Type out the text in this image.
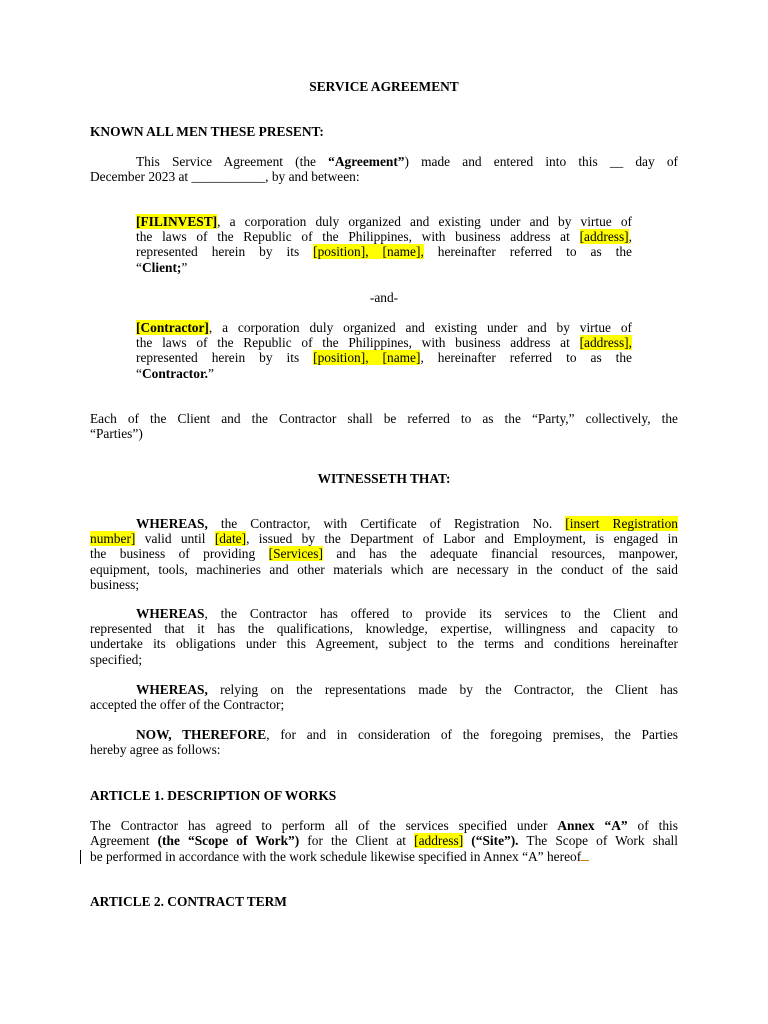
SERVICE AGREEMENT
KNOWN ALL MEN THESE PRESENT:
This Service Agreement (the “Agreement”) made and entered into this __ day of
December 2023 at ___________, by and between:
[FILINVEST], a corporation duly organized and existing under and by virtue of
the laws of the Republic of the Philippines, with business address at [address],
represented herein by its [position], [name], hereinafter referred to as the
“Client;”
-and-
[Contractor], a corporation duly organized and existing under and by virtue of
the laws of the Republic of the Philippines, with business address at [address],
represented herein by its [position], [name], hereinafter referred to as the
“Contractor.”
Each of the Client and the Contractor shall be referred to as the “Party,” collectively, the
“Parties”)
WITNESSETH THAT:
WHEREAS, the Contractor, with Certificate of Registration No. [insert Registration
number] valid until [date], issued by the Department of Labor and Employment, is engaged in
the business of providing [Services] and has the adequate financial resources, manpower,
equipment, tools, machineries and other materials which are necessary in the conduct of the said
business;
WHEREAS, the Contractor has offered to provide its services to the Client and
represented that it has the qualifications, knowledge, expertise, willingness and capacity to
undertake its obligations under this Agreement, subject to the terms and conditions hereinafter
specified;
WHEREAS, relying on the representations made by the Contractor, the Client has
accepted the offer of the Contractor;
NOW, THEREFORE, for and in consideration of the foregoing premises, the Parties
hereby agree as follows:
ARTICLE 1. DESCRIPTION OF WORKS
The Contractor has agreed to perform all of the services specified under Annex “A” of this
Agreement (the “Scope of Work”) for the Client at [address] (“Site”). The Scope of Work shall
be performed in accordance with the work schedule likewise specified in Annex “A” hereof
ARTICLE 2. CONTRACT TERM
